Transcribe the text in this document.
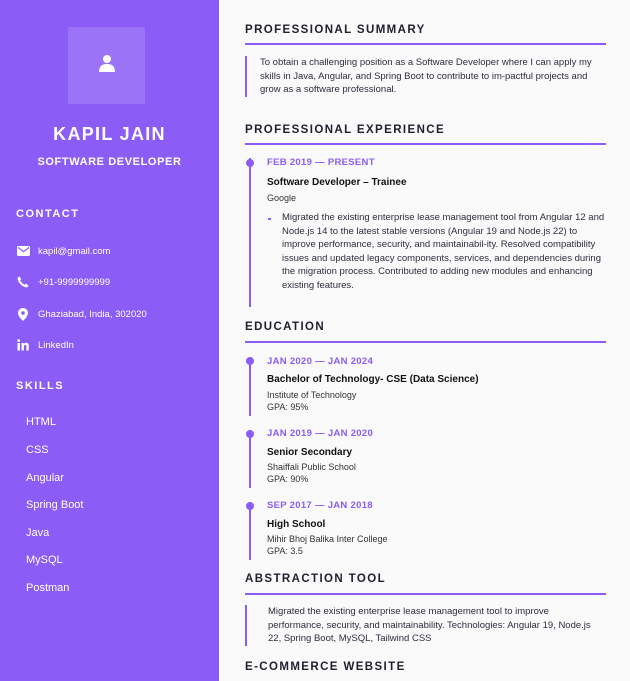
KAPIL JAIN
SOFTWARE DEVELOPER
CONTACT
kapil@gmail.com
+91-9999999999
Ghaziabad, India, 302020
LinkedIn
SKILLS
HTML
CSS
Angular
Spring Boot
Java
MySQL
Postman
PROFESSIONAL SUMMARY
To obtain a challenging position as a Software Developer where I can apply my skills in Java, Angular, and Spring Boot to contribute to im-pactful projects and grow as a software professional.
PROFESSIONAL EXPERIENCE
FEB 2019 — PRESENT
Software Developer – Trainee
Google
Migrated the existing enterprise lease management tool from Angular 12 and Node.js 14 to the latest stable versions (Angular 19 and Node.js 22) to improve performance, security, and maintainabil-ity. Resolved compatibility issues and updated legacy components, services, and dependencies during the migration process. Contributed to adding new modules and enhancing existing features.
EDUCATION
JAN 2020 — JAN 2024
Bachelor of Technology- CSE (Data Science)
Institute of Technology
GPA: 95%
JAN 2019 — JAN 2020
Senior Secondary
Shaiffali Public School
GPA: 90%
SEP 2017 — JAN 2018
High School
Mihir Bhoj Balika Inter College
GPA: 3.5
ABSTRACTION TOOL
Migrated the existing enterprise lease management tool to improve performance, security, and maintainability. Technologies: Angular 19, Node.js 22, Spring Boot, MySQL, Tailwind CSS
E-COMMERCE WEBSITE
